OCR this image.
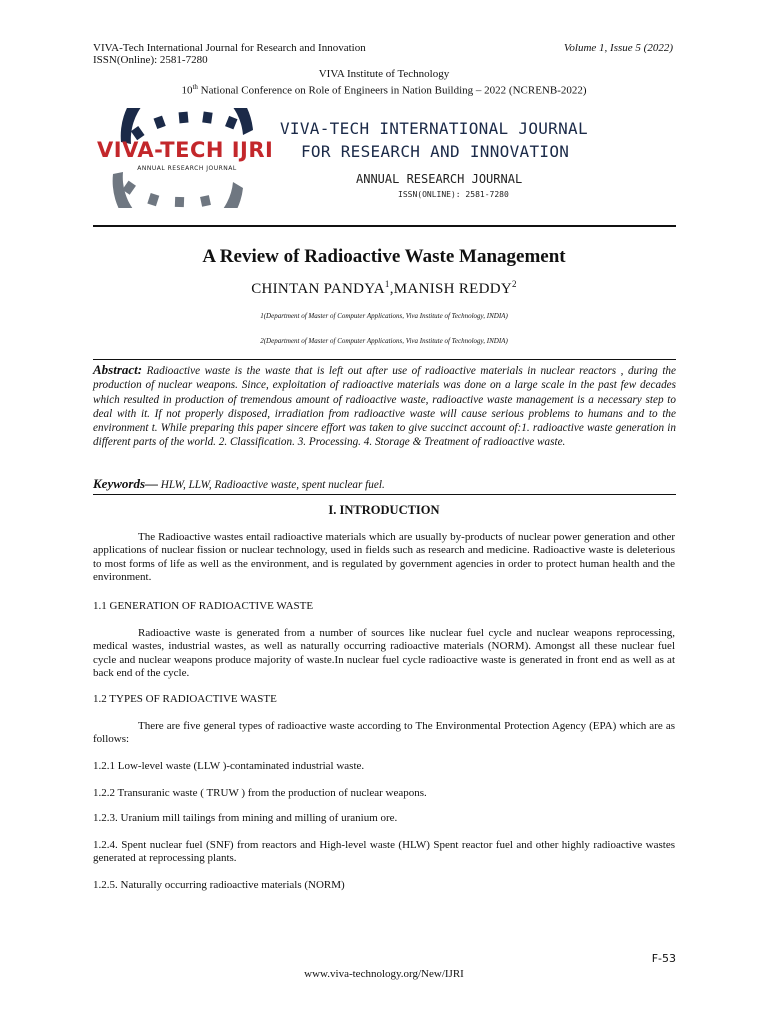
VIVA-Tech International Journal for Research and Innovation
ISSN(Online): 2581-7280
Volume 1, Issue 5 (2022)
VIVA Institute of Technology
10th National Conference on Role of Engineers in Nation Building – 2022 (NCRENB-2022)
VIVA-TECH IJRI
ANNUAL RESEARCH JOURNAL
VIVA-TECH INTERNATIONAL JOURNAL
FOR RESEARCH AND INNOVATION
ANNUAL RESEARCH JOURNAL
ISSN(ONLINE): 2581-7280
A Review of Radioactive Waste Management
CHINTAN PANDYA$^1$,MANISH REDDY$^2$
1(Department of Master of Computer Applications, Viva Institute of Technology, INDIA)
2(Department of Master of Computer Applications, Viva Institute of Technology, INDIA)
Abstract: Radioactive waste is the waste that is left out after use of radioactive materials in nuclear reactors , during the production of nuclear weapons. Since, exploitation of radioactive materials was done on a large scale in the past few decades which resulted in production of tremendous amount of radioactive waste, radioactive waste management is a necessary step to deal with it. If not properly disposed, irradiation from radioactive waste will cause serious problems to humans and to the environment t. While preparing this paper sincere effort was taken to give succinct account of:1. radioactive waste generation in different parts of the world. 2. Classification. 3. Processing. 4. Storage & Treatment of radioactive waste.
Keywords— HLW, LLW, Radioactive waste, spent nuclear fuel.
I. INTRODUCTION
The Radioactive wastes entail radioactive materials which are usually by-products of nuclear power generation and other applications of nuclear fission or nuclear technology, used in fields such as research and medicine. Radioactive waste is deleterious to most forms of life as well as the environment, and is regulated by government agencies in order to protect human health and the environment.
1.1 GENERATION OF RADIOACTIVE WASTE
Radioactive waste is generated from a number of sources like nuclear fuel cycle and nuclear weapons reprocessing, medical wastes, industrial wastes, as well as naturally occurring radioactive materials (NORM). Amongst all these nuclear fuel cycle and nuclear weapons produce majority of waste.In nuclear fuel cycle radioactive waste is generated in front end as well as at back end of the cycle.
1.2 TYPES OF RADIOACTIVE WASTE
There are five general types of radioactive waste according to The Environmental Protection Agency (EPA) which are as follows:
1.2.1 Low-level waste (LLW )-contaminated industrial waste.
1.2.2 Transuranic waste ( TRUW ) from the production of nuclear weapons.
1.2.3. Uranium mill tailings from mining and milling of uranium ore.
1.2.4. Spent nuclear fuel (SNF) from reactors and High-level waste (HLW) Spent reactor fuel and other highly radioactive wastes generated at reprocessing plants.
1.2.5. Naturally occurring radioactive materials (NORM)
F-53
www.viva-technology.org/New/IJRI
